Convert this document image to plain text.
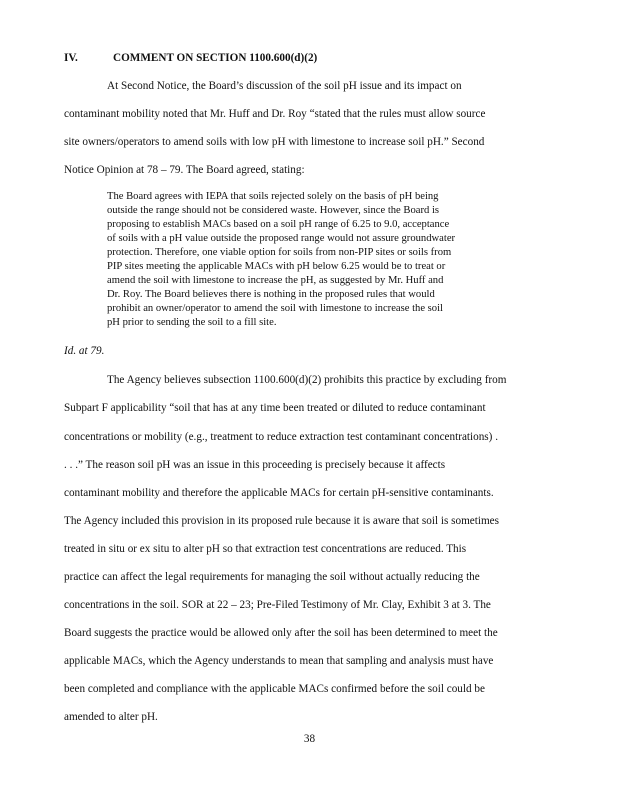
IV.	COMMENT ON SECTION 1100.600(d)(2)
At Second Notice, the Board’s discussion of the soil pH issue and its impact on
contaminant mobility noted that Mr. Huff and Dr. Roy “stated that the rules must allow source
site owners/operators to amend soils with low pH with limestone to increase soil pH.” Second
Notice Opinion at 78 – 79. The Board agreed, stating:
The Board agrees with IEPA that soils rejected solely on the basis of pH being
outside the range should not be considered waste. However, since the Board is
proposing to establish MACs based on a soil pH range of 6.25 to 9.0, acceptance
of soils with a pH value outside the proposed range would not assure groundwater
protection. Therefore, one viable option for soils from non-PIP sites or soils from
PIP sites meeting the applicable MACs with pH below 6.25 would be to treat or
amend the soil with limestone to increase the pH, as suggested by Mr. Huff and
Dr. Roy. The Board believes there is nothing in the proposed rules that would
prohibit an owner/operator to amend the soil with limestone to increase the soil
pH prior to sending the soil to a fill site.
Id. at 79.
The Agency believes subsection 1100.600(d)(2) prohibits this practice by excluding from
Subpart F applicability “soil that has at any time been treated or diluted to reduce contaminant
concentrations or mobility (e.g., treatment to reduce extraction test contaminant concentrations) .
. . .” The reason soil pH was an issue in this proceeding is precisely because it affects
contaminant mobility and therefore the applicable MACs for certain pH-sensitive contaminants.
The Agency included this provision in its proposed rule because it is aware that soil is sometimes
treated in situ or ex situ to alter pH so that extraction test concentrations are reduced. This
practice can affect the legal requirements for managing the soil without actually reducing the
concentrations in the soil. SOR at 22 – 23; Pre-Filed Testimony of Mr. Clay, Exhibit 3 at 3. The
Board suggests the practice would be allowed only after the soil has been determined to meet the
applicable MACs, which the Agency understands to mean that sampling and analysis must have
been completed and compliance with the applicable MACs confirmed before the soil could be
amended to alter pH.
38
